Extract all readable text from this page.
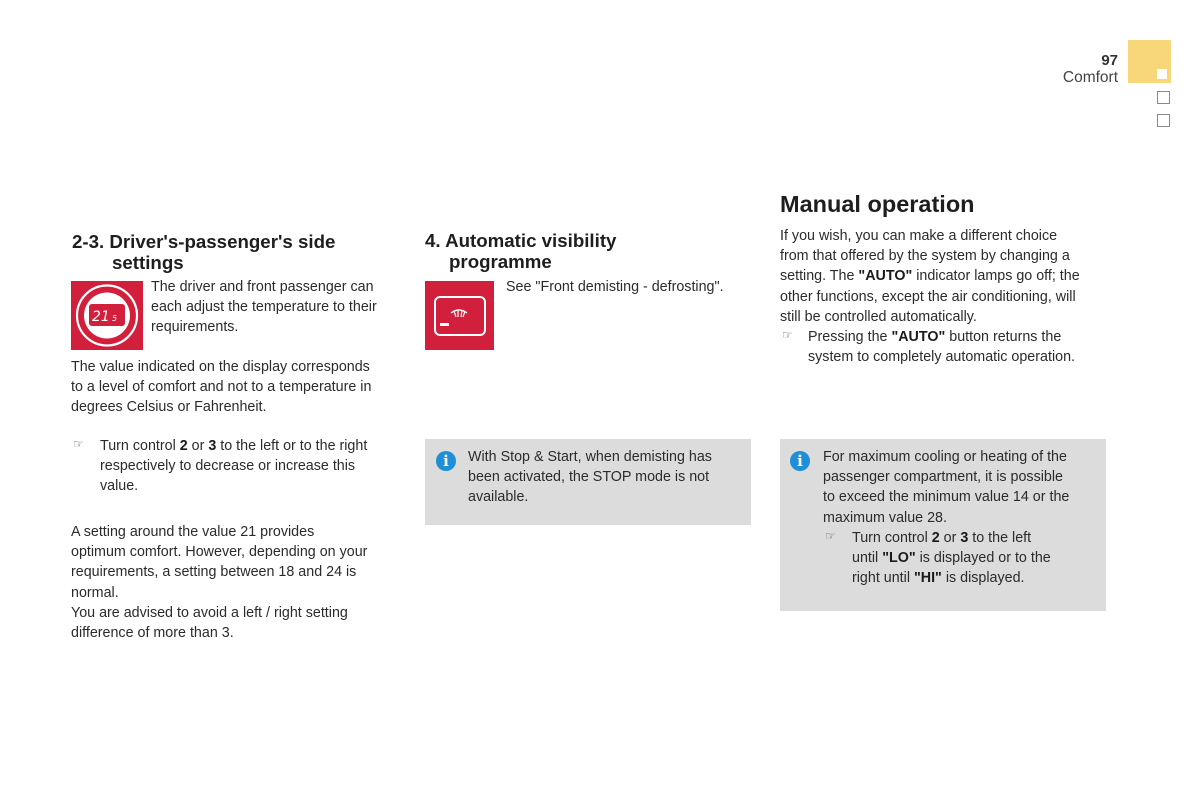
97
Comfort

2-3. Driver's-passenger's side

settings

21 5

The driver and front passenger can

each adjust the temperature to their

requirements.

The value indicated on the display corresponds

to a level of comfort and not to a temperature in

degrees Celsius or Fahrenheit.

☞	Turn control 2 or 3 to the left or to the right

respectively to decrease or increase this

value.

A setting around the value 21 provides

optimum comfort. However, depending on your

requirements, a setting between 18 and 24 is

normal.

You are advised to avoid a left / right setting

difference of more than 3.

4. Automatic visibility

programme

See "Front demisting - defrosting".

i	With Stop & Start, when demisting has

been activated, the STOP mode is not

available.

Manual operation

If you wish, you can make a different choice

from that offered by the system by changing a

setting. The "AUTO" indicator lamps go off; the

other functions, except the air conditioning, will

still be controlled automatically.

☞	Pressing the "AUTO" button returns the

system to completely automatic operation.

i	For maximum cooling or heating of the

passenger compartment, it is possible

to exceed the minimum value 14 or the

maximum value 28.

☞	Turn control 2 or 3 to the left

until "LO" is displayed or to the

right until "HI" is displayed.
